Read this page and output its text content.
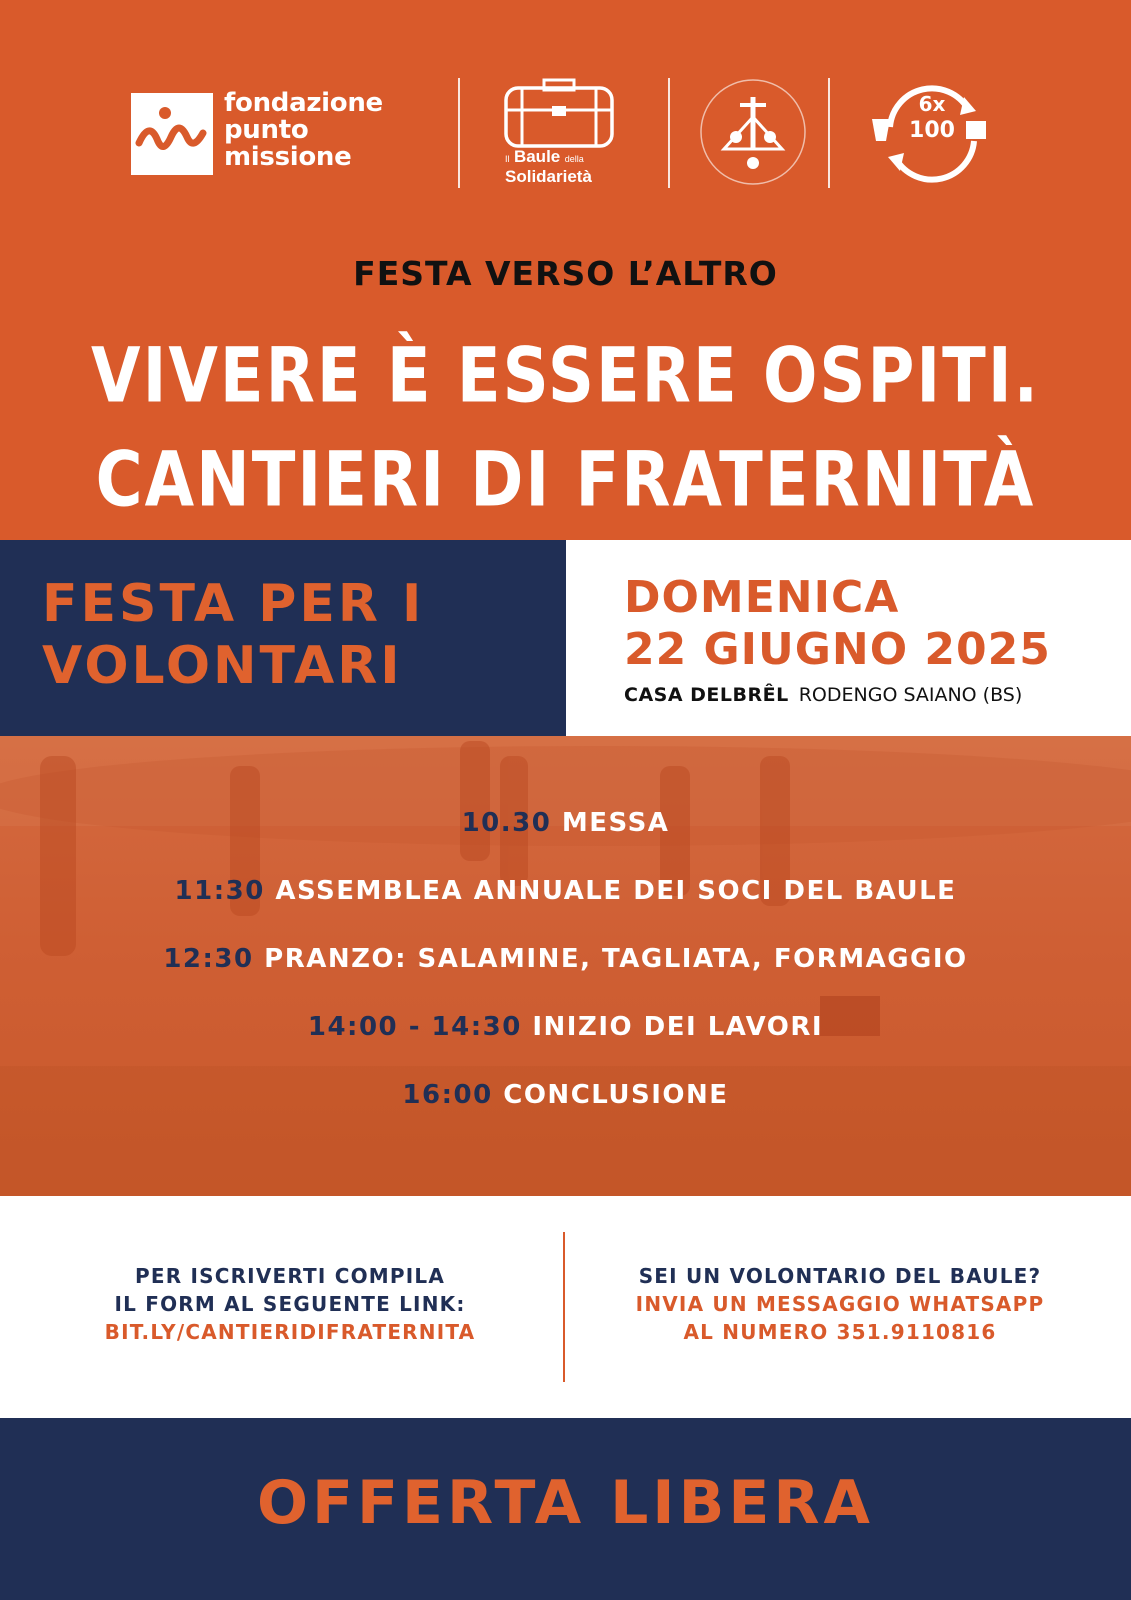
fondazione
punto
missione	Il Baule della
Solidarietà
6x
100
FESTA VERSO L’ALTRO
VIVERE È ESSERE OSPITI.
CANTIERI DI FRATERNITÀ
FESTA PER I
VOLONTARI
DOMENICA
22 GIUGNO 2025
CASA DELBRÊL RODENGO SAIANO (BS)
10.30 MESSA
11:30 ASSEMBLEA ANNUALE DEI SOCI DEL BAULE
12:30 PRANZO: SALAMINE, TAGLIATA, FORMAGGIO
14:00 - 14:30 INIZIO DEI LAVORI
16:00 CONCLUSIONE
PER ISCRIVERTI COMPILA
IL FORM AL SEGUENTE LINK:
BIT.LY/CANTIERIDIFRATERNITA
SEI UN VOLONTARIO DEL BAULE?
INVIA UN MESSAGGIO WHATSAPP
AL NUMERO 351.9110816
OFFERTA LIBERA
